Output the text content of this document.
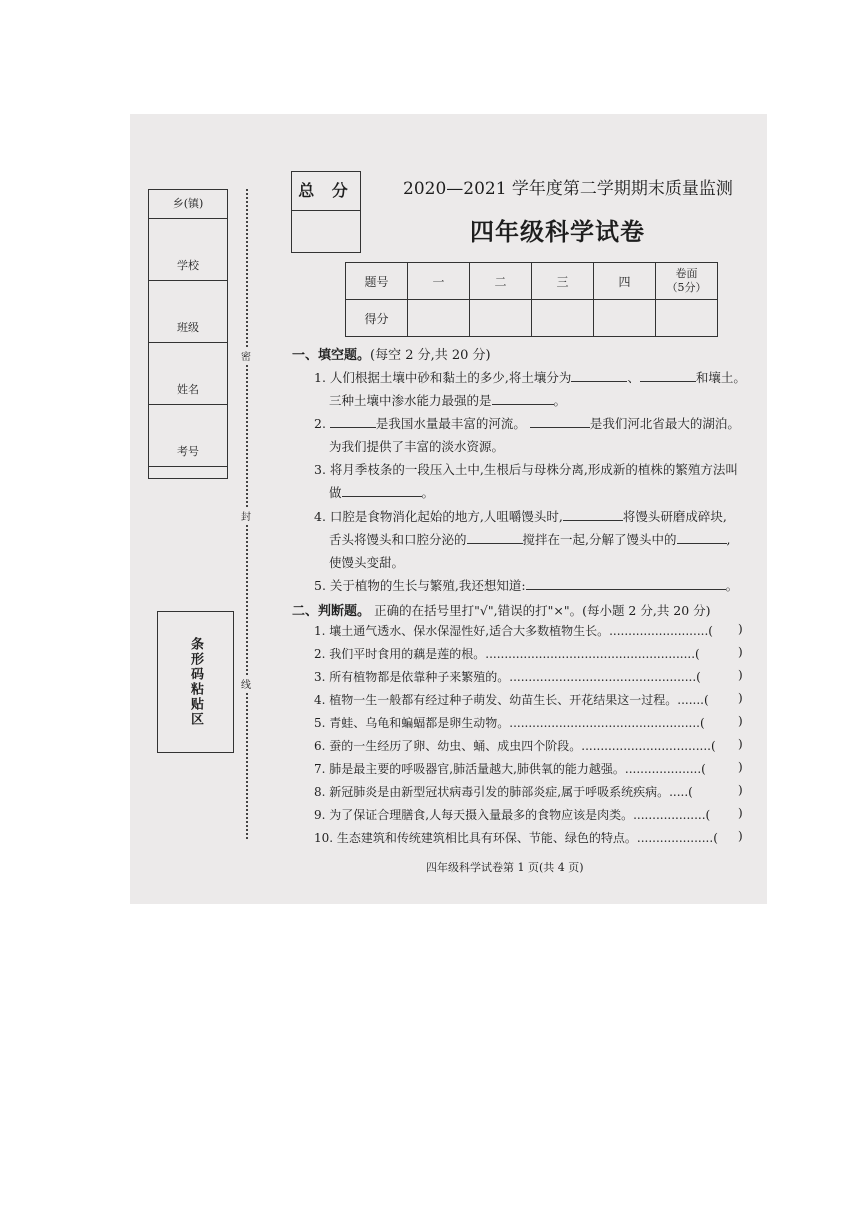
乡(镇)
学校
班级
姓名
考号
密
封
线
条形码粘贴区
总 分	2020—2021 学年度第二学期期末质量监测
四年级科学试卷
题号	一	二	三	四	卷面
（5分）
得分					
一、填空题。(每空 2 分,共 20 分)
1. 人们根据土壤中砂和黏土的多少,将土壤分为	、	和壤土。
三种土壤中渗水能力最强的是	。
2.	是我国水量最丰富的河流。	是我们河北省最大的湖泊。
为我们提供了丰富的淡水资源。
3. 将月季枝条的一段压入土中,生根后与母株分离,形成新的植株的繁殖方法叫
做	。
4. 口腔是食物消化起始的地方,人咀嚼馒头时,	将馒头研磨成碎块,
舌头将馒头和口腔分泌的	搅拌在一起,分解了馒头中的	,
使馒头变甜。
5. 关于植物的生长与繁殖,我还想知道:	。
二、判断题。 正确的在括号里打"√",错误的打"×"。(每小题 2 分,共 20 分)
1. 壤土通气透水、保水保湿性好,适合大多数植物生长。..........................( )
2. 我们平时食用的藕是莲的根。.......................................................(	)
3. 所有植物都是依靠种子来繁殖的。.................................................(	)
4. 植物一生一般都有经过种子萌发、幼苗生长、开花结果这一过程。.......( )
5. 青蛙、乌龟和蝙蝠都是卵生动物。..................................................(	)
6. 蚕的一生经历了卵、幼虫、蛹、成虫四个阶段。..................................( )
7. 肺是最主要的呼吸器官,肺活量越大,肺供氧的能力越强。....................(	)
8. 新冠肺炎是由新型冠状病毒引发的肺部炎症,属于呼吸系统疾病。.....(	)
9. 为了保证合理膳食,人每天摄入量最多的食物应该是肉类。...................( )
10. 生态建筑和传统建筑相比具有环保、节能、绿色的特点。....................( )
四年级科学试卷第 1 页(共 4 页)
